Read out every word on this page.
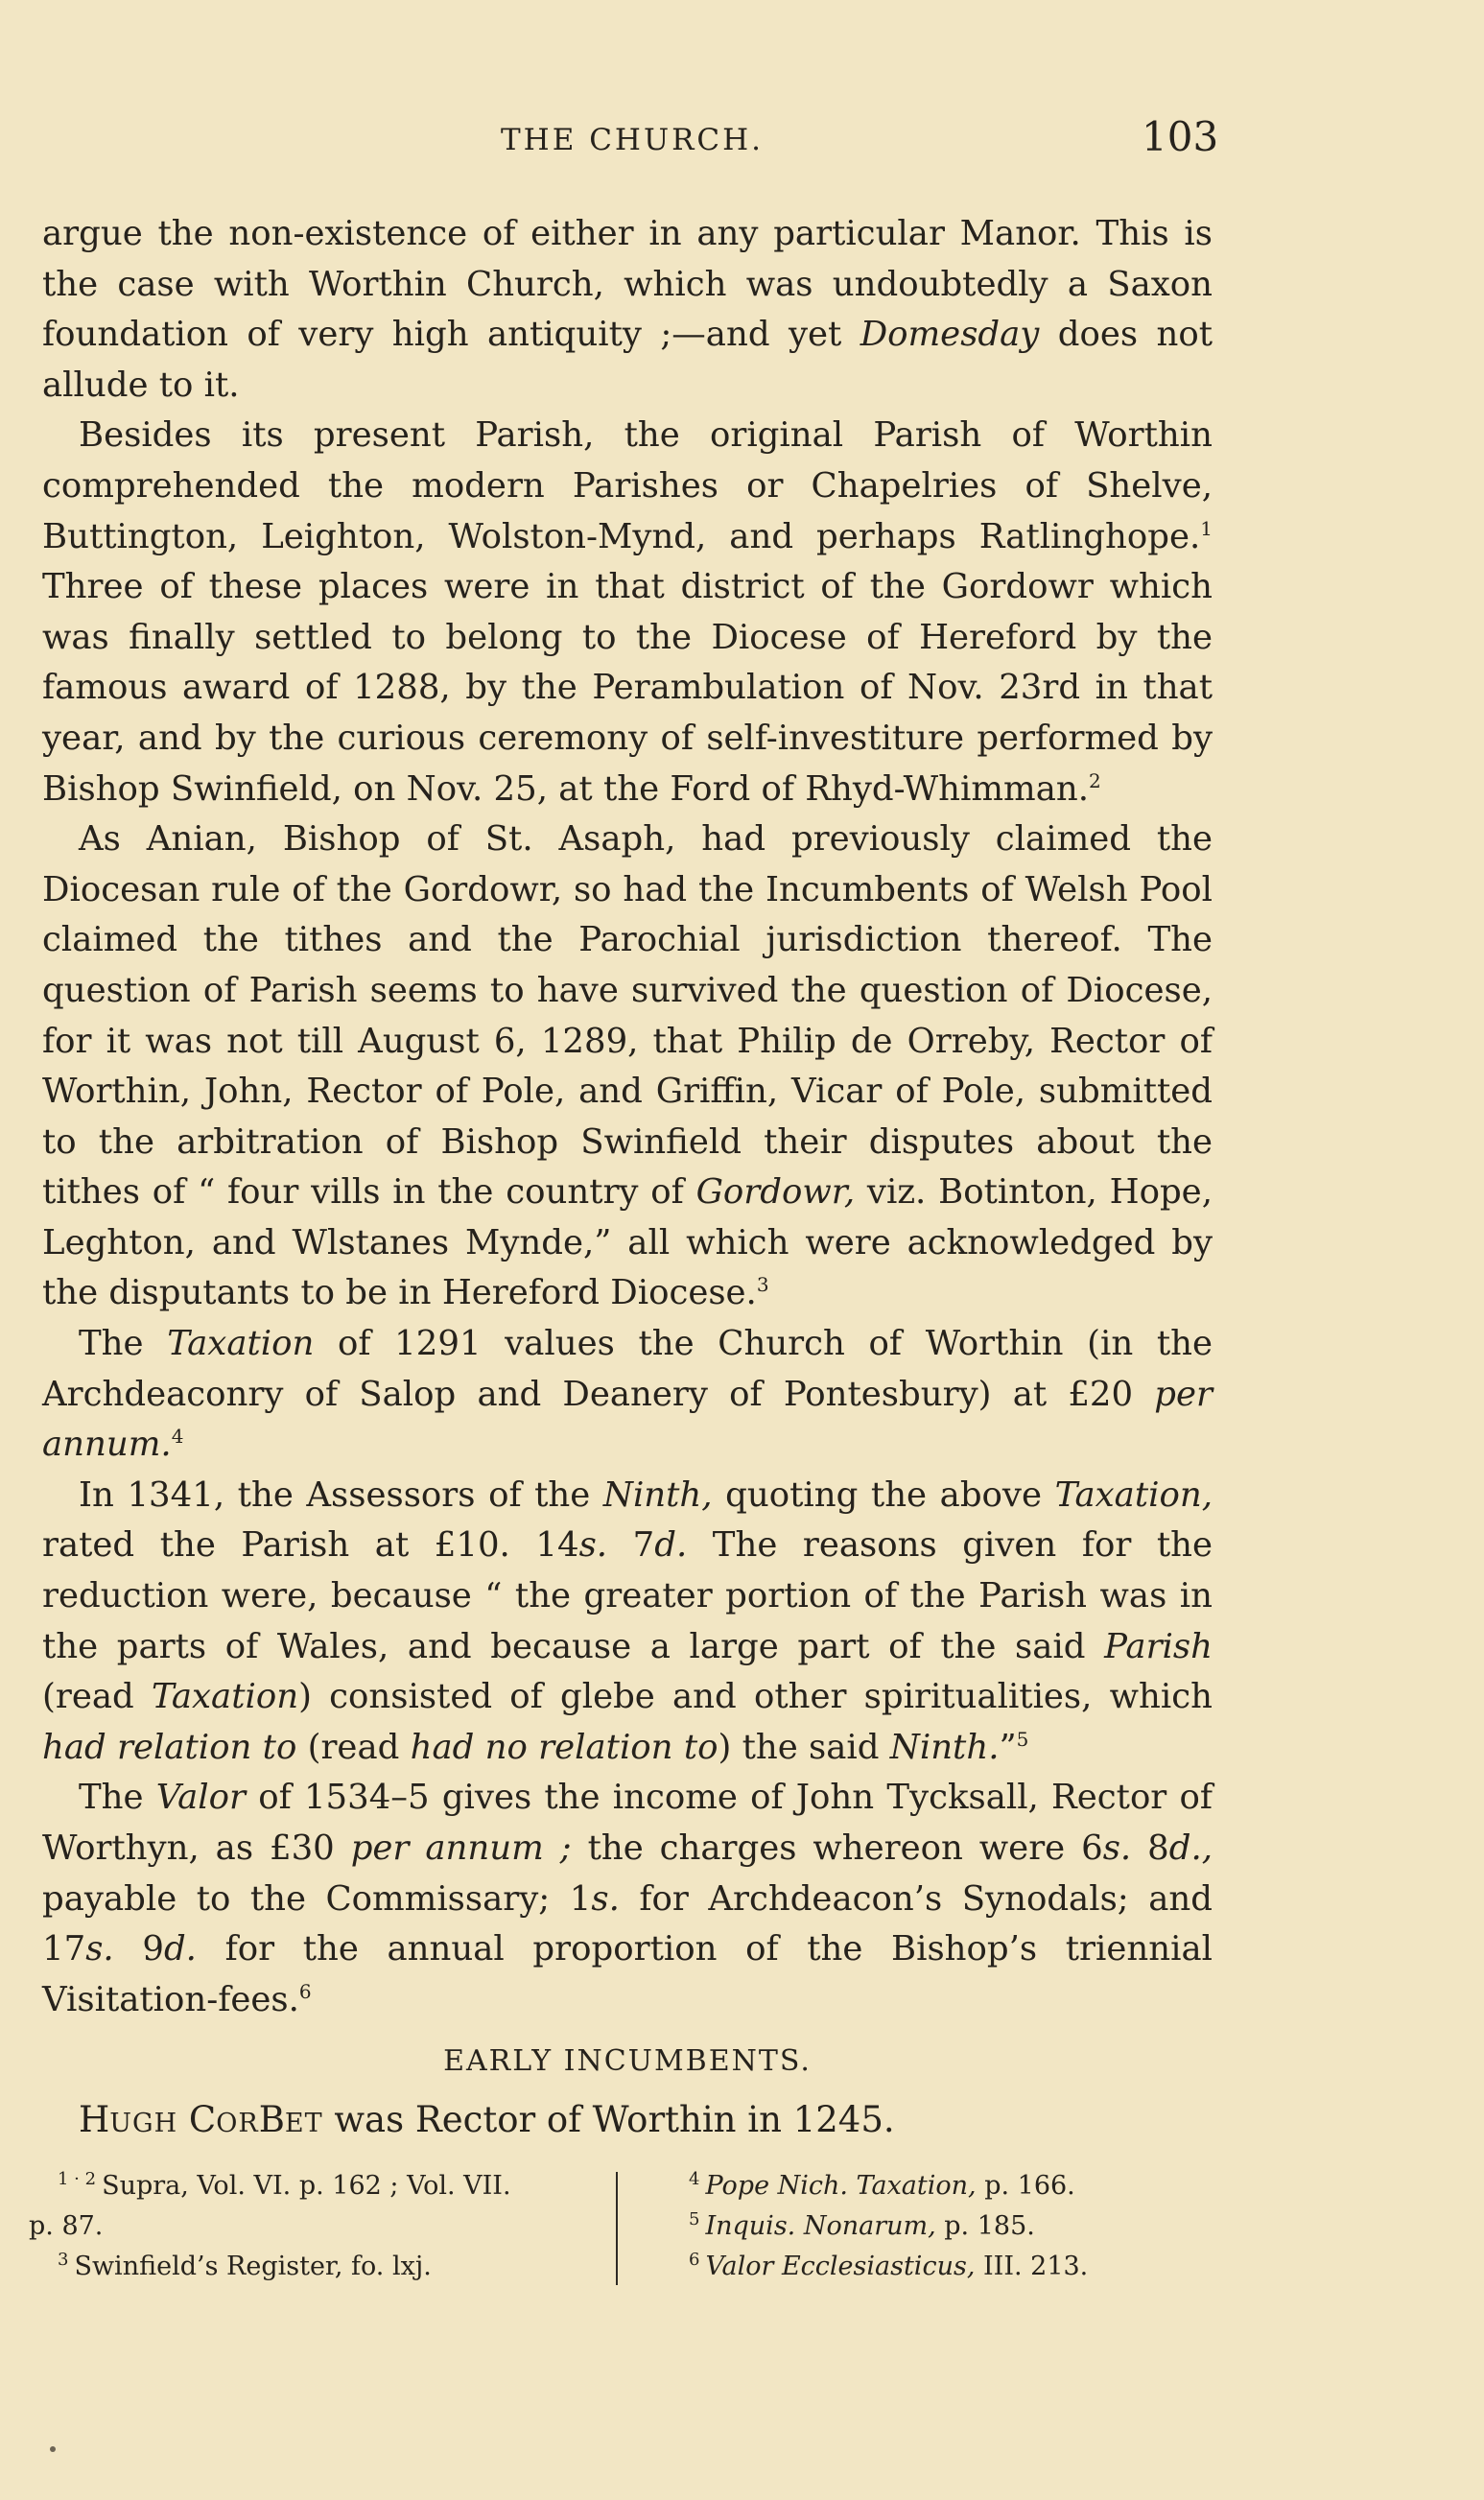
THE CHURCH.	103

argue the non-existence of either in any particular Manor. This is the case with Worthin Church, which was undoubtedly a Saxon foundation of very high antiquity ;—and yet Domesday does not allude to it.

Besides its present Parish, the original Parish of Worthin comprehended the modern Parishes or Chapelries of Shelve, Buttington, Leighton, Wolston-Mynd, and perhaps Ratlinghope.$^1$ Three of these places were in that district of the Gordowr which was finally settled to belong to the Diocese of Hereford by the famous award of 1288, by the Perambulation of Nov. 23rd in that year, and by the curious ceremony of self-investiture performed by Bishop Swinfield, on Nov. 25, at the Ford of Rhyd-Whimman.$^2$

As Anian, Bishop of St. Asaph, had previously claimed the Diocesan rule of the Gordowr, so had the Incumbents of Welsh Pool claimed the tithes and the Parochial jurisdiction thereof. The question of Parish seems to have survived the question of Diocese, for it was not till August 6, 1289, that Philip de Orreby, Rector of Worthin, John, Rector of Pole, and Griffin, Vicar of Pole, submitted to the arbitration of Bishop Swinfield their disputes about the tithes of “ four vills in the country of Gordowr, viz. Botinton, Hope, Leghton, and Wlstanes Mynde,” all which were acknowledged by the disputants to be in Hereford Diocese.$^3$

The Taxation of 1291 values the Church of Worthin (in the Archdeaconry of Salop and Deanery of Pontesbury) at £20 per annum.$^4$

In 1341, the Assessors of the Ninth, quoting the above Taxation, rated the Parish at £10. 14s. 7d. The reasons given for the reduction were, because “ the greater portion of the Parish was in the parts of Wales, and because a large part of the said Parish (read Taxation) consisted of glebe and other spiritualities, which had relation to (read had no relation to) the said Ninth.”$^5$

The Valor of 1534–5 gives the income of John Tycksall, Rector of Worthyn, as £30 per annum ; the charges whereon were 6s. 8d., payable to the Commissary; 1s. for Archdeacon’s Synodals; and 17s. 9d. for the annual proportion of the Bishop’s triennial Visitation-fees.$^6$

EARLY INCUMBENTS.

HUGH CORBET was Rector of Worthin in 1245.

$^{1 \cdot 2}$ Supra, Vol. VI. p. 162 ; Vol. VII.
p. 87.
$^3$ Swinfield’s Register, fo. lxj.
$^4$ Pope Nich. Taxation, p. 166.
$^5$ Inquis. Nonarum, p. 185.
$^6$ Valor Ecclesiasticus, III. 213.
